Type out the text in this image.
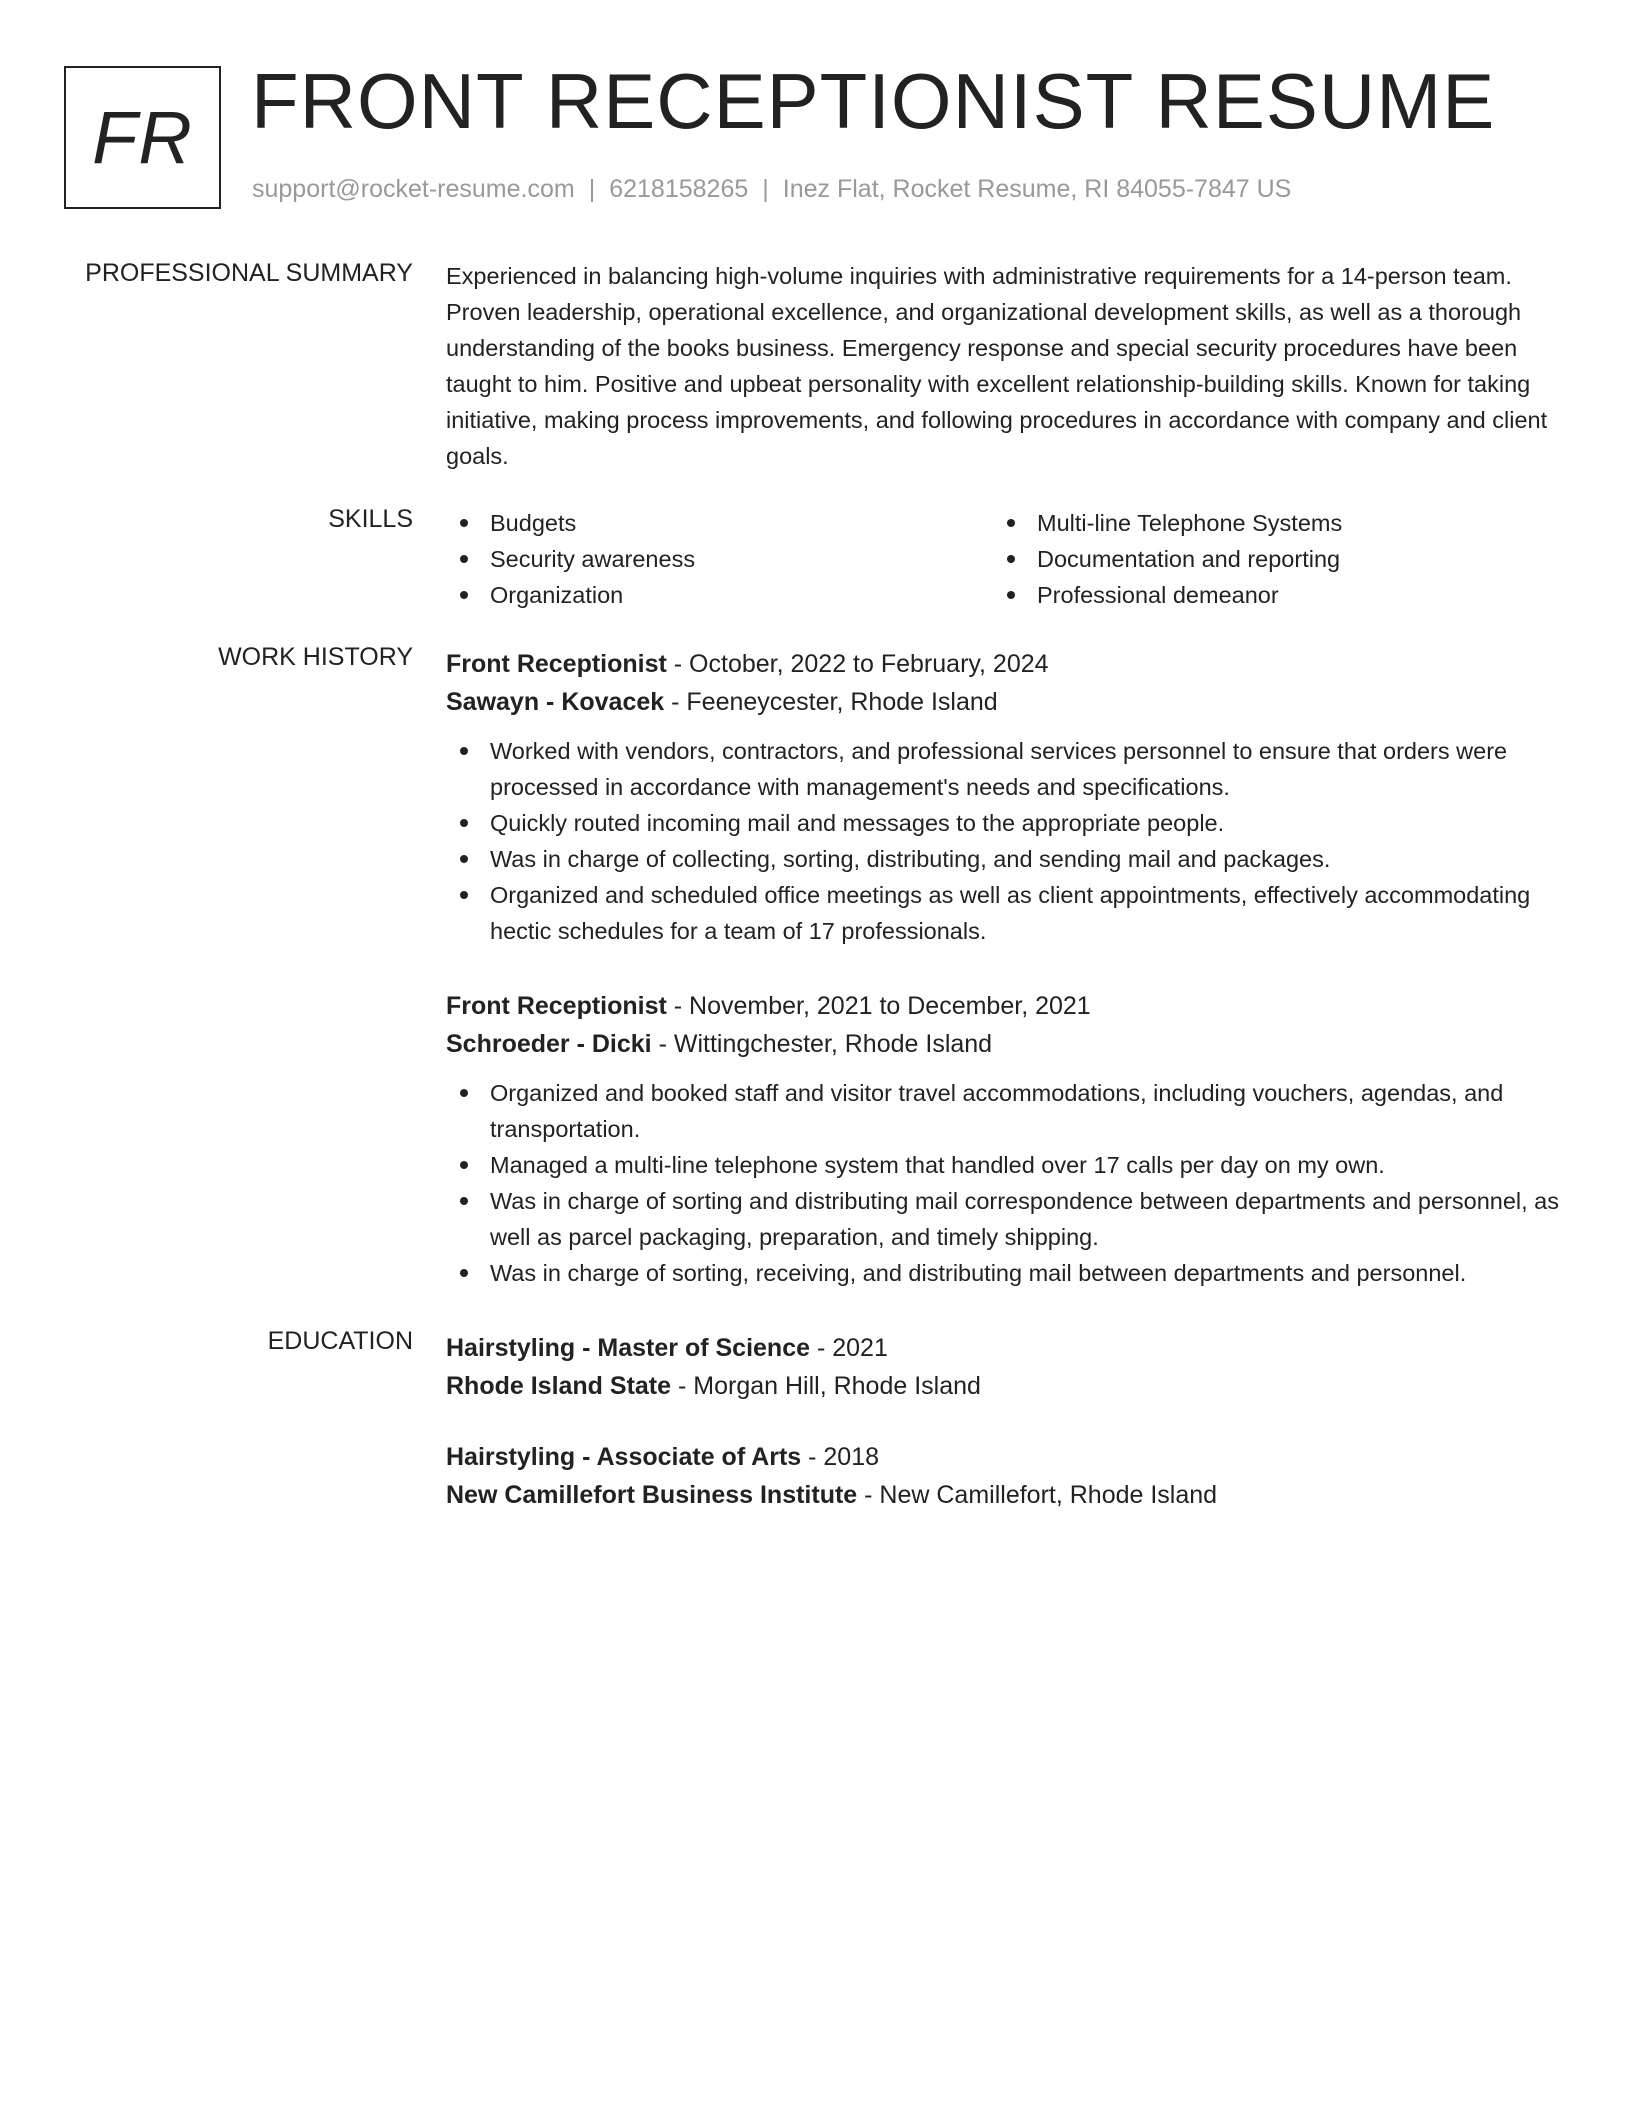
FR FRONT RECEPTIONIST RESUME
support@rocket-resume.com | 6218158265 | Inez Flat, Rocket Resume, RI 84055-7847 US
PROFESSIONAL SUMMARY Experienced in balancing high-volume inquiries with administrative requirements for a 14-person team. Proven leadership, operational excellence, and organizational development skills, as well as a thorough understanding of the books business. Emergency response and special security procedures have been taught to him. Positive and upbeat personality with excellent relationship-building skills. Known for taking initiative, making process improvements, and following procedures in accordance with company and client goals.
SKILLS	Budgets
Security awareness
Organization
Multi-line Telephone Systems
Documentation and reporting
Professional demeanor
WORK HISTORY Front Receptionist - October, 2022 to February, 2024
Sawayn - Kovacek - Feeneycester, Rhode Island
Worked with vendors, contractors, and professional services personnel to ensure that orders were processed in accordance with management's needs and specifications.
Quickly routed incoming mail and messages to the appropriate people.
Was in charge of collecting, sorting, distributing, and sending mail and packages.
Organized and scheduled office meetings as well as client appointments, effectively accommodating hectic schedules for a team of 17 professionals.
Front Receptionist - November, 2021 to December, 2021
Schroeder - Dicki - Wittingchester, Rhode Island
Organized and booked staff and visitor travel accommodations, including vouchers, agendas, and transportation.
Managed a multi-line telephone system that handled over 17 calls per day on my own.
Was in charge of sorting and distributing mail correspondence between departments and personnel, as well as parcel packaging, preparation, and timely shipping.
Was in charge of sorting, receiving, and distributing mail between departments and personnel.
EDUCATION Hairstyling - Master of Science - 2021
Rhode Island State - Morgan Hill, Rhode Island
Hairstyling - Associate of Arts - 2018
New Camillefort Business Institute - New Camillefort, Rhode Island
